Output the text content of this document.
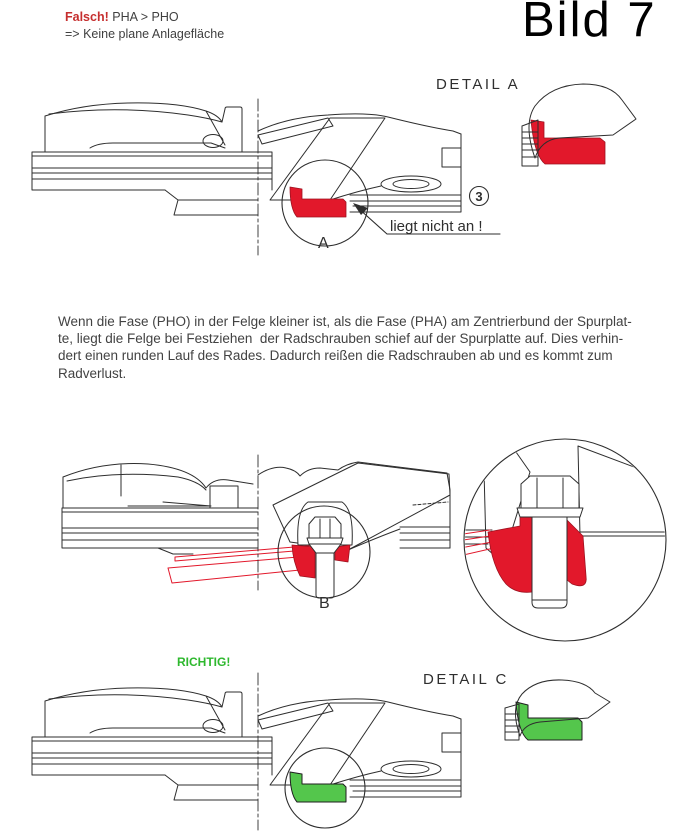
Falsch! PHA > PHO
=> Keine plane Anlagefläche	Bild 7
DETAIL A
liegt nicht an !
A
3
Wenn die Fase (PHO) in der Felge kleiner ist, als die Fase (PHA) am Zentrierbund der Spurplat-
te, liegt die Felge bei Festziehen  der Radschrauben schief auf der Spurplatte auf. Dies verhin-
dert einen runden Lauf des Rades. Dadurch reißen die Radschrauben ab und es kommt zum
Radverlust.
B
RICHTIG!
DETAIL C
